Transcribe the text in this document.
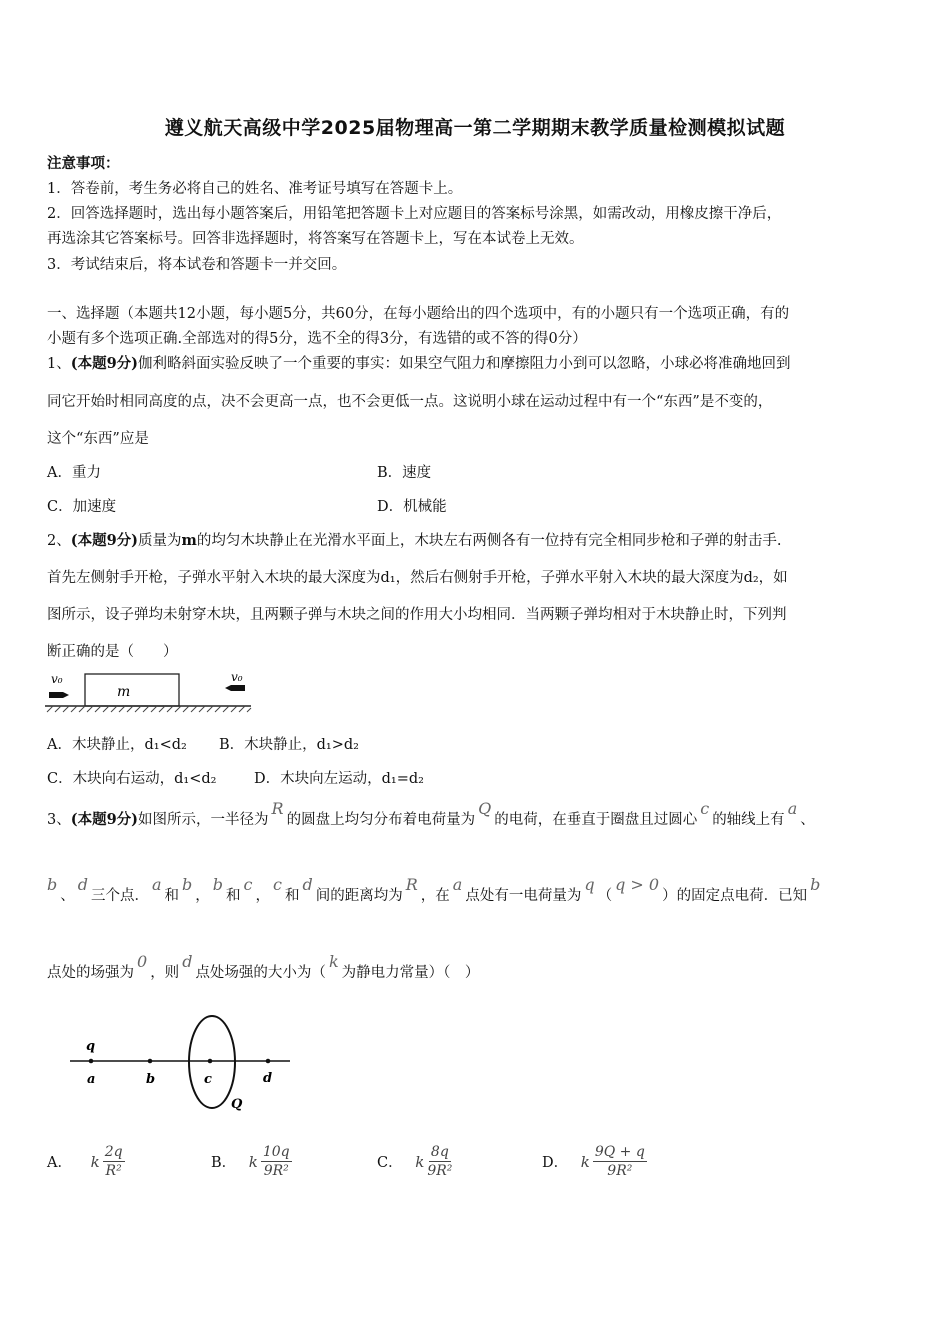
遵义航天高级中学2025届物理高一第二学期期末教学质量检测模拟试题
注意事项：
1．答卷前，考生务必将自己的姓名、准考证号填写在答题卡上。
2．回答选择题时，选出每小题答案后，用铅笔把答题卡上对应题目的答案标号涂黑，如需改动，用橡皮擦干净后，
再选涂其它答案标号。回答非选择题时，将答案写在答题卡上，写在本试卷上无效。
3．考试结束后，将本试卷和答题卡一并交回。
一、选择题（本题共12小题，每小题5分，共60分，在每小题给出的四个选项中，有的小题只有一个选项正确，有的
小题有多个选项正确.全部选对的得5分，选不全的得3分，有选错的或不答的得0分）
1、(本题9分)伽利略斜面实验反映了一个重要的事实：如果空气阻力和摩擦阻力小到可以忽略，小球必将准确地回到
同它开始时相同高度的点，决不会更高一点，也不会更低一点。这说明小球在运动过程中有一个“东西”是不变的，
这个“东西”应是
A．重力	B．速度
C．加速度	D．机械能
2、(本题9分)质量为m的均匀木块静止在光滑水平面上，木块左右两侧各有一位持有完全相同步枪和子弹的射击手.
首先左侧射手开枪，子弹水平射入木块的最大深度为d₁，然后右侧射手开枪，子弹水平射入木块的最大深度为d₂，如
图所示，设子弹均未射穿木块，且两颗子弹与木块之间的作用大小均相同．当两颗子弹均相对于木块静止时，下列判
断正确的是（　　）
m
v₀	v₀
A．木块静止，d₁<d₂ B．木块静止，d₁>d₂
C．木块向右运动，d₁<d₂	D．木块向左运动，d₁=d₂
3、(本题9分)如图所示，一半径为R的圆盘上均匀分布着电荷量为Q的电荷，在垂直于圈盘且过圆心c的轴线上有a、
b、d三个点．a和b，b和c，c和d间的距离均为R，在a点处有一电荷量为q（q > 0）的固定点电荷．已知b
点处的场强为0，则d点处场强的大小为（k为静电力常量）（　）
q
a	b	c	d
Q
A． k $\frac{2q}{\text{R²}}$	B． k $\frac{10q}{\text{9R²}}$	C． k $\frac{8q}{\text{9R²}}$	D． k $\frac{9Q + q}{\text{9R²}}$
